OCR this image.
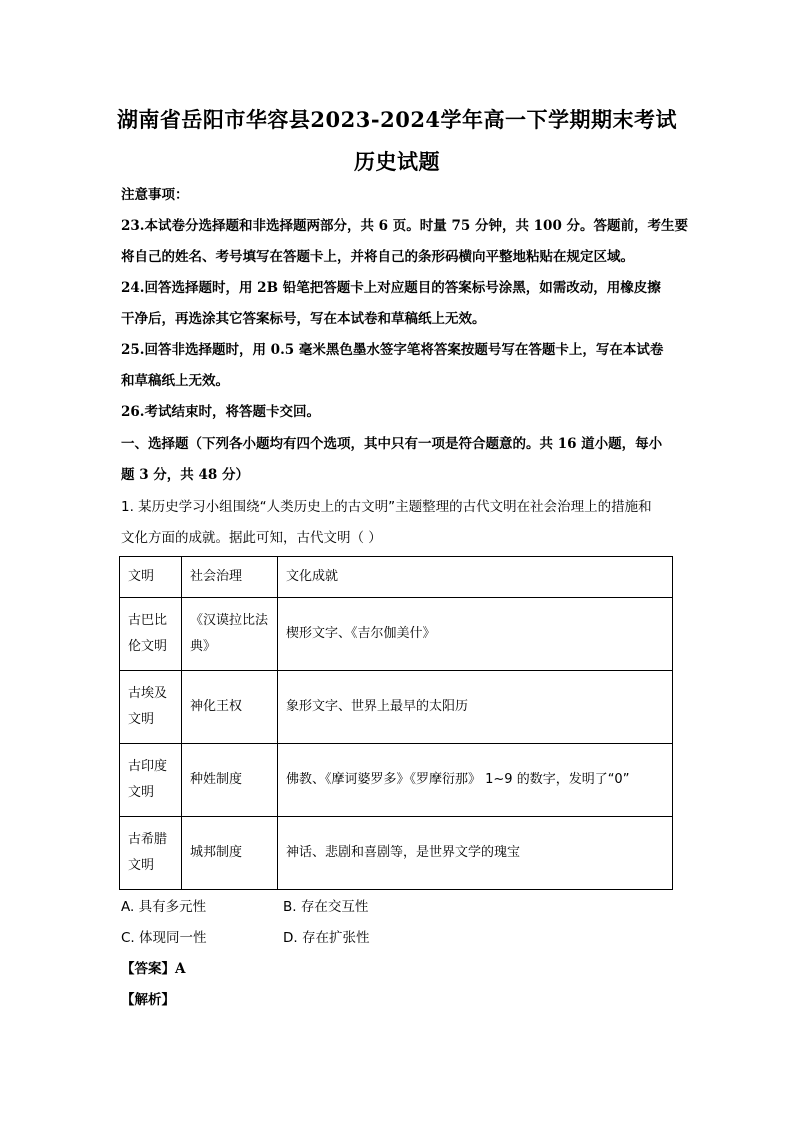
湖南省岳阳市华容县2023-2024学年高一下学期期末考试
历史试题
注意事项：
23.本试卷分选择题和非选择题两部分，共 6 页。时量 75 分钟，共 100 分。答题前，考生要
将自己的姓名、考号填写在答题卡上，并将自己的条形码横向平整地粘贴在规定区域。
24.回答选择题时，用 2B 铅笔把答题卡上对应题目的答案标号涂黑，如需改动，用橡皮擦
干净后，再选涂其它答案标号，写在本试卷和草稿纸上无效。
25.回答非选择题时，用 0.5 毫米黑色墨水签字笔将答案按题号写在答题卡上，写在本试卷
和草稿纸上无效。
26.考试结束时，将答题卡交回。
一、选择题（下列各小题均有四个选项，其中只有一项是符合题意的。共 16 道小题，每小
题 3 分，共 48 分）
1. 某历史学习小组围绕“人类历史上的古文明”主题整理的古代文明在社会治理上的措施和
文化方面的成就。据此可知，古代文明（ ）
文明	社会治理	文化成就
古巴比伦文明	《汉谟拉比法典》	楔形文字、《吉尔伽美什》
古埃及文明	神化王权	象形文字、世界上最早的太阳历
古印度文明	种姓制度	佛教、《摩诃婆罗多》《罗摩衍那》 1~9 的数字，发明了“0”
古希腊文明	城邦制度	神话、悲剧和喜剧等，是世界文学的瑰宝
A. 具有多元性	B. 存在交互性
C. 体现同一性	D. 存在扩张性
【答案】A
【解析】
